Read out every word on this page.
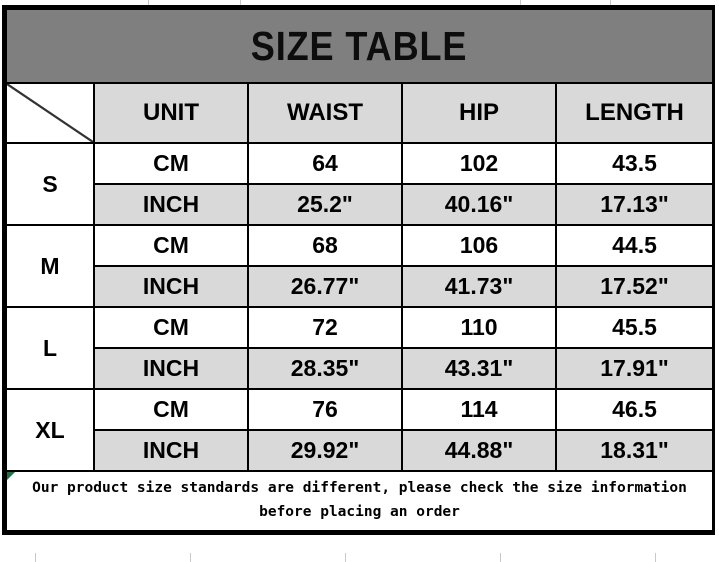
SIZE TABLE				

	UNIT	WAIST	HIP	LENGTH
S	CM	64	102	43.5
	INCH	25.2"	40.16"	17.13"
M	CM	68	106	44.5
	INCH	26.77"	41.73"	17.52"
L	CM	72	110	45.5
	INCH	28.35"	43.31"	17.91"
XL	CM	76	114	46.5
	INCH	29.92"	44.88"	18.31"

Our product size standards are different, please check the size information
before placing an order				
